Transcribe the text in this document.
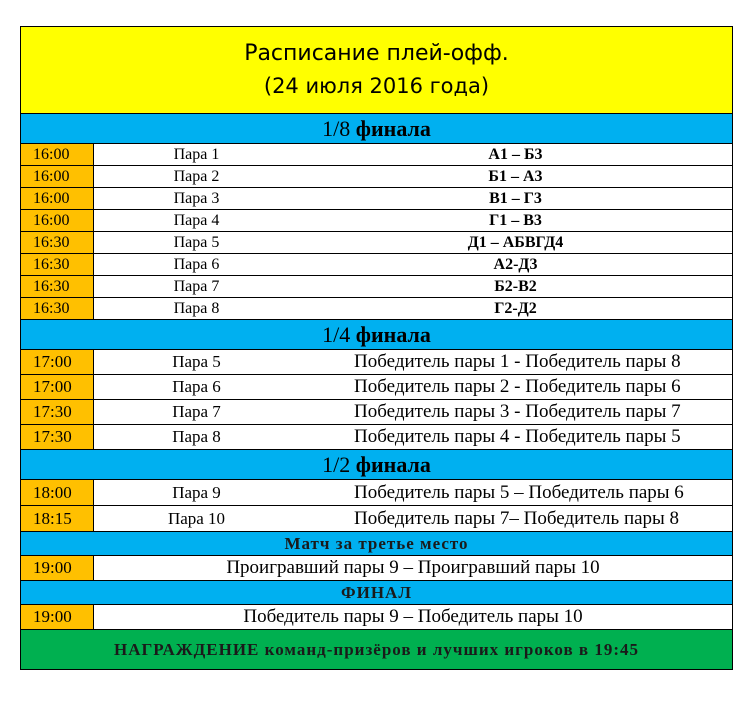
Расписание плей-офф.
(24 июля 2016 года)
1/8
финала
16:00	Пара 1	А1 – Б3
16:00	Пара 2	Б1 – А3
16:00	Пара 3	В1 – Г3
16:00	Пара 4	Г1 – В3
16:30	Пара 5	Д1 – АБВГД4
16:30	Пара 6	А2-Д3
16:30	Пара 7	Б2-В2
16:30	Пара 8	Г2-Д2
1/4
финала
17:00	Пара 5	Победитель пары 1 - Победитель пары 8
17:00	Пара 6	Победитель пары 2 - Победитель пары 6
17:30	Пара 7	Победитель пары 3 - Победитель пары 7
17:30	Пара 8	Победитель пары 4 - Победитель пары 5
1/2
финала
18:00	Пара 9	Победитель пары 5 – Победитель пары 6
18:15	Пара 10	Победитель пары 7– Победитель пары 8
Матч за третье место
19:00	Проигравший пары 9 – Проигравший пары 10
ФИНАЛ
19:00	Победитель пары 9 – Победитель пары 10
НАГРАЖДЕНИЕ команд-призёров и лучших игроков в 19:45
